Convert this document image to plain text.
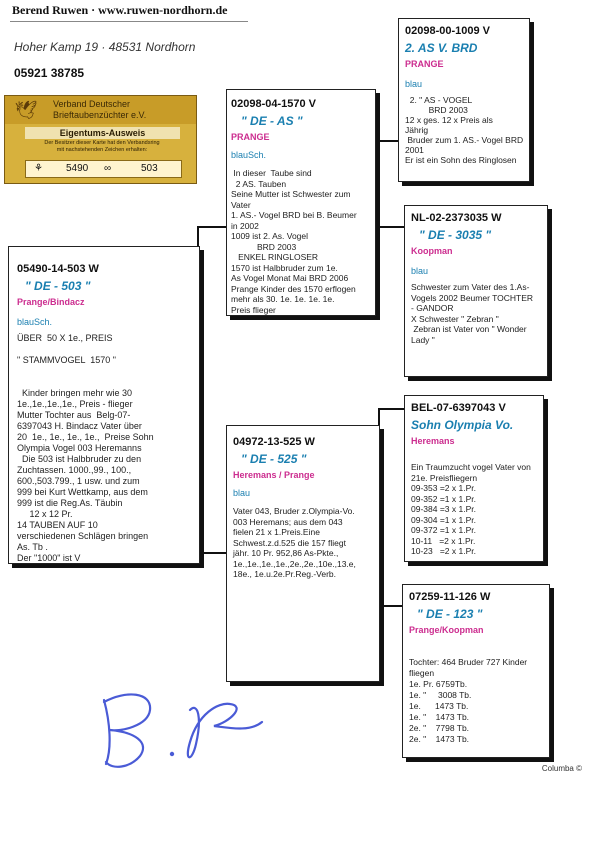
Berend Ruwen · www.ruwen-nordhorn.de
Hoher Kamp 19 · 48531 Nordhorn
05921 38785
🕊	Verband Deutscher
Brieftaubenzüchter e.V.
Eigentums-Ausweis
Der Besitzer dieser Karte hat den Verbandsring
mit nachstehenden Zeichen erhalten:
⚘ 5490 ∞	503
05490-14-503 W
" DE - 503 "
Prange/Bindacz
blauSch.
ÜBER  50 X 1e., PREIS

" STAMMVOGEL  1570 "

Kinder bringen mehr wie 30
1e.,1e.,1e.,1e., Preis - flieger
Mutter Tochter aus  Belg-07-
6397043 H. Bindacz Vater über
20  1e., 1e., 1e., 1e.,  Preise Sohn
Olympia Vogel 003 Heremanns
Die 503 ist Halbbruder zu den
Zuchtassen. 1000.,99., 100.,
600.,503.799., 1 usw. und zum
999 bei Kurt Wettkamp, aus dem
999 ist die Reg.As. Täubin
12 x 12 Pr.
14 TAUBEN AUF 10
verschiedenen Schlägen bringen
As. Tb .
Der "1000" ist V
02098-04-1570 V
" DE - AS "
PRANGE
blauSch.
In dieser  Taube sind
2 AS. Tauben
Seine Mutter ist Schwester zum
Vater
1. AS.- Vogel BRD bei B. Beumer
in 2002
1009 ist 2. As. Vogel
BRD 2003
ENKEL RINGLOSER
1570 ist Halbbruder zum 1e.
As Vogel Monat Mai BRD 2006
Prange Kinder des 1570 erflogen
mehr als 30. 1e. 1e. 1e. 1e.
Preis flieger
04972-13-525 W
" DE - 525 "
Heremans / Prange
blau
Vater 043, Bruder z.Olympia-Vo.
003 Heremans; aus dem 043
fielen 21 x 1.Preis.Eine
Schwest.z.d.525 die 157 fliegt
jähr. 10 Pr. 952,86 As-Pkte.,
1e.,1e.,1e.,1e.,2e.,2e.,10e.,13.e,
18e., 1e.u.2e.Pr.Reg.-Verb.
02098-00-1009 V
2. AS V. BRD
PRANGE
blau
2. " AS - VOGEL
BRD 2003
12 x ges. 12 x Preis als
Jährig
Bruder zum 1. AS.- Vogel BRD
2001
Er ist ein Sohn des Ringlosen
NL-02-2373035 W
" DE - 3035 "
Koopman
blau
Schwester zum Vater des 1.As-
Vogels 2002 Beumer TOCHTER
- GANDOR
X Schwester " Zebran "
Zebran ist Vater von " Wonder
Lady "
BEL-07-6397043 V
Sohn Olympia Vo.
Heremans
Ein Traumzucht vogel Vater von
21e. Preisfliegern
09-353 =2 x 1.Pr.
09-352 =1 x 1.Pr.
09-384 =3 x 1.Pr.
09-304 =1 x 1.Pr.
09-372 =1 x 1.Pr.
10-11   =2 x 1.Pr.
10-23   =2 x 1.Pr.
07259-11-126 W
" DE - 123 "
Prange/Koopman
Tochter: 464 Bruder 727 Kinder
fliegen
1e. Pr. 6759Tb.
1e. "     3008 Tb.
1e.      1473 Tb.
1e. "    1473 Tb.
2e. "    7798 Tb.
2e. "    1473 Tb.
Columba ©
